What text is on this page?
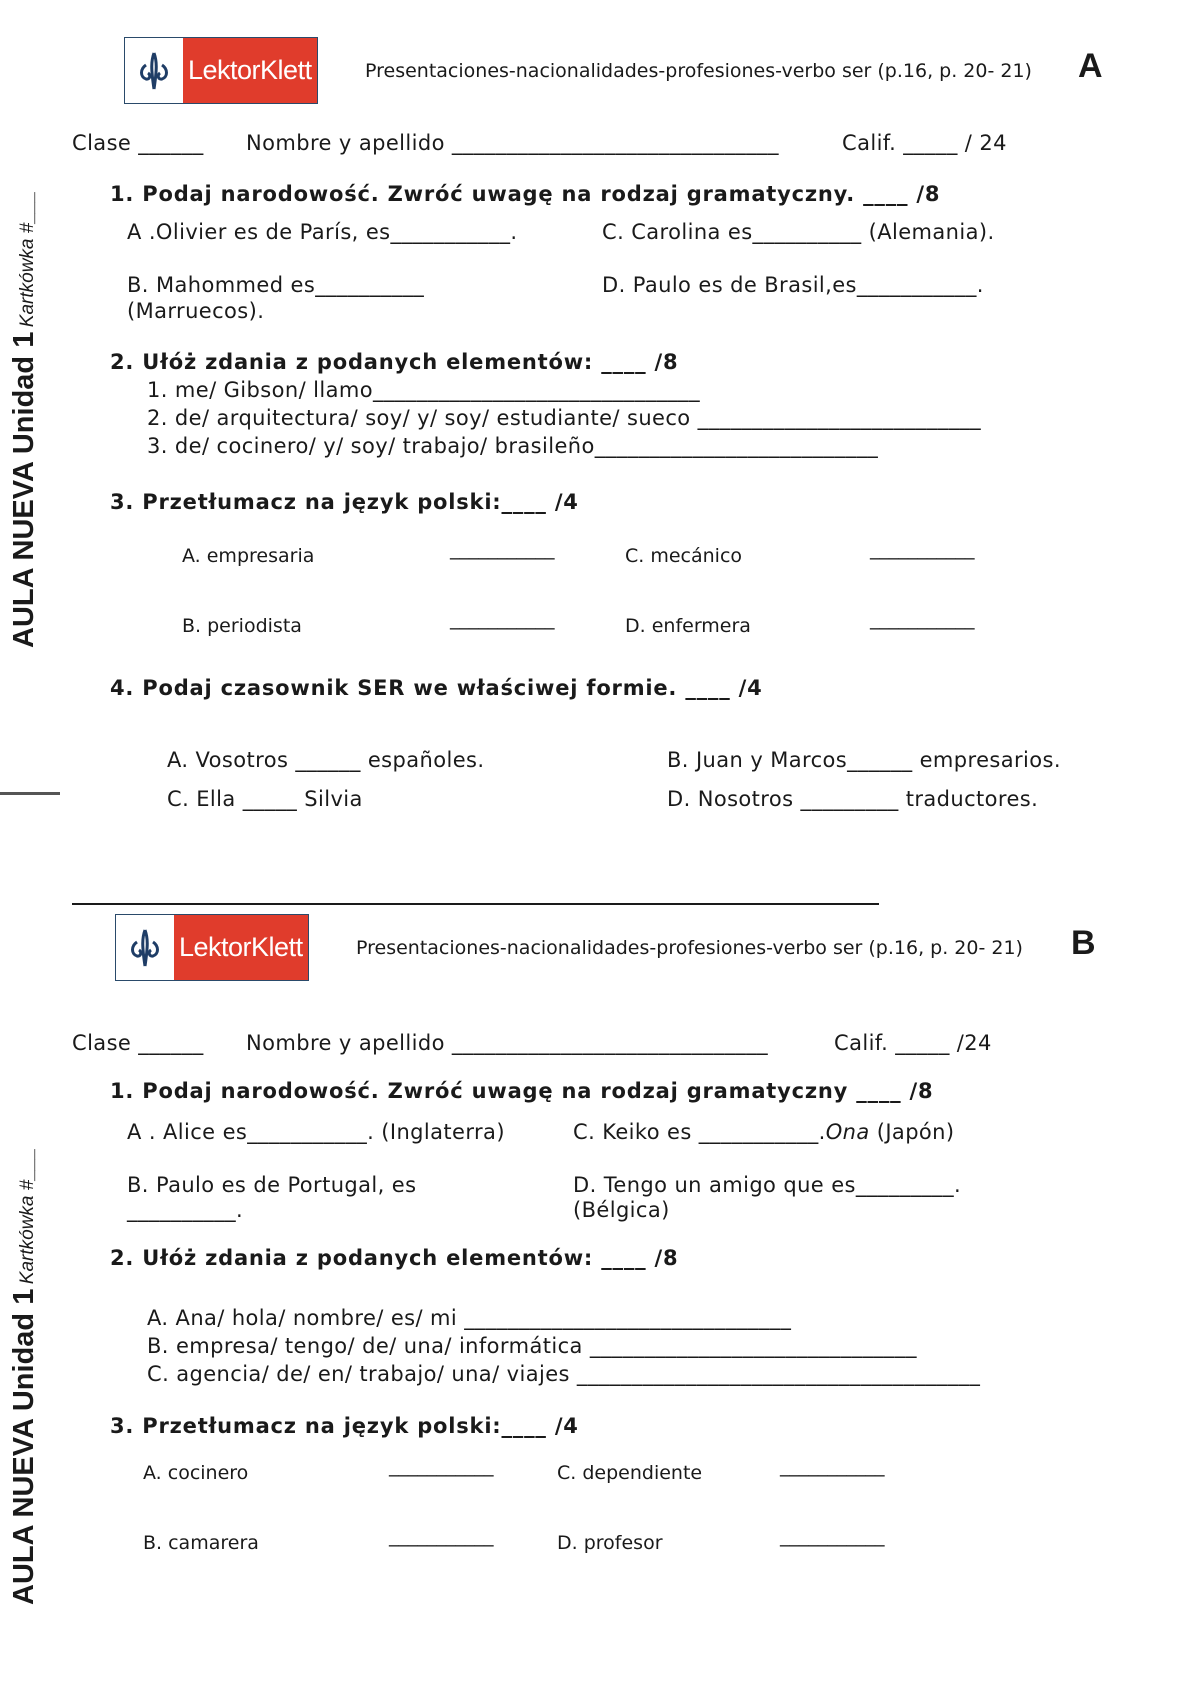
AULA NUEVA Unidad 1 Kartkówka #___
AULA NUEVA Unidad 1 Kartkówka #___
LektorKlett	Presentaciones-nacionalidades-profesiones-verbo ser (p.16, p. 20- 21) A
Clase ______ Nombre y apellido ______________________________	Calif. _____ / 24
1. Podaj narodowość. Zwróć uwagę na rodzaj gramatyczny. ____ /8
A .Olivier es de París, es___________.	C. Carolina es__________ (Alemania).
B. Mahommed es__________
(Marruecos).
D. Paulo es de Brasil,es___________.
2. Ułóż zdania z podanych elementów: ____ /8
1. me/ Gibson/ llamo______________________________
2. de/ arquitectura/ soy/ y/ soy/ estudiante/ sueco __________________________
3. de/ cocinero/ y/ soy/ trabajo/ brasileño__________________________
3. Przetłumacz na język polski:____ /4
A. empresaria	___________	C. mecánico	___________
B. periodista	___________	D. enfermera	___________
4. Podaj czasownik SER we właściwej formie. ____ /4
A. Vosotros ______ españoles.	B. Juan y Marcos______ empresarios.
C. Ella _____ Silvia	D. Nosotros _________ traductores.
LektorKlett	Presentaciones-nacionalidades-profesiones-verbo ser (p.16, p. 20- 21) B
Clase ______ Nombre y apellido _____________________________	Calif. _____ /24
1. Podaj narodowość. Zwróć uwagę na rodzaj gramatyczny ____ /8
A . Alice es___________. (Inglaterra)	C. Keiko es ___________.Ona (Japón)
B. Paulo es de Portugal, es
__________.
D. Tengo un amigo que es_________.
(Bélgica)
2. Ułóż zdania z podanych elementów: ____ /8
A. Ana/ hola/ nombre/ es/ mi ______________________________
B. empresa/ tengo/ de/ una/ informática ______________________________
C. agencia/ de/ en/ trabajo/ una/ viajes _____________________________________
3. Przetłumacz na język polski:____ /4
A. cocinero	___________	C. dependiente	___________
B. camarera	___________	D. profesor	___________
